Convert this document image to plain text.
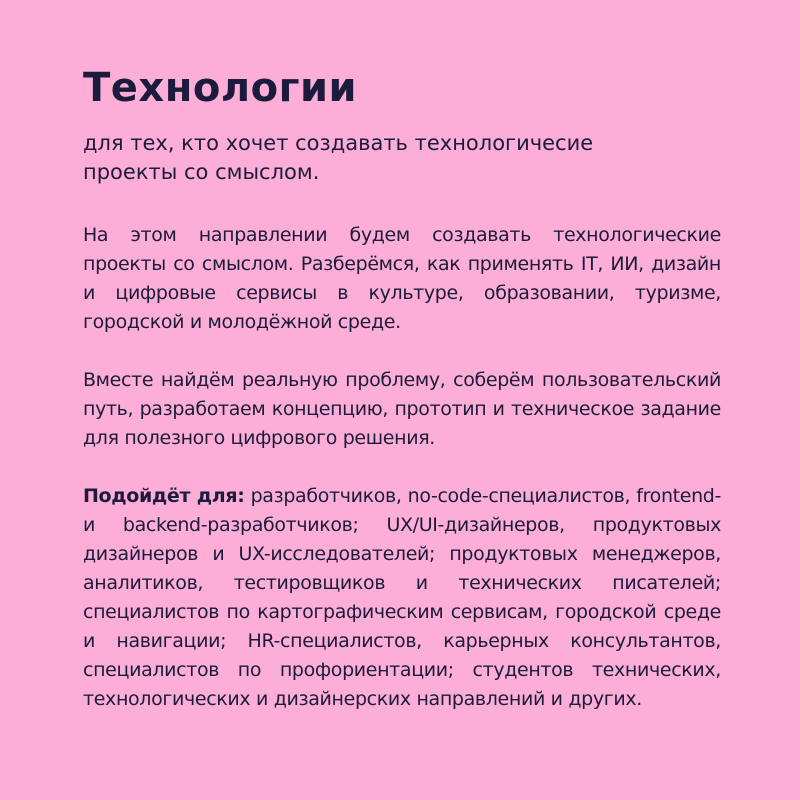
Технологии

для тех, кто хочет создавать технологичесие проекты со смыслом.

На этом направлении будем создавать технологические проекты со смыслом. Разберёмся, как применять IT, ИИ, дизайн и цифровые сервисы в культуре, образовании, туризме, городской и молодёжной среде.

Вместе найдём реальную проблему, соберём пользовательский путь, разработаем концепцию, прототип и техническое задание для полезного цифрового решения.

Подойдёт для: разработчиков, no-code-специалистов, frontend- и backend-разработчиков; UX/UI-дизайнеров, продуктовых дизайнеров и UX-исследователей; продуктовых менеджеров, аналитиков, тестировщиков и технических писателей; специалистов по картографическим сервисам, городской среде и навигации; HR-специалистов, карьерных консультантов, специалистов по профориентации; студентов технических, технологических и дизайнерских направлений и других.
